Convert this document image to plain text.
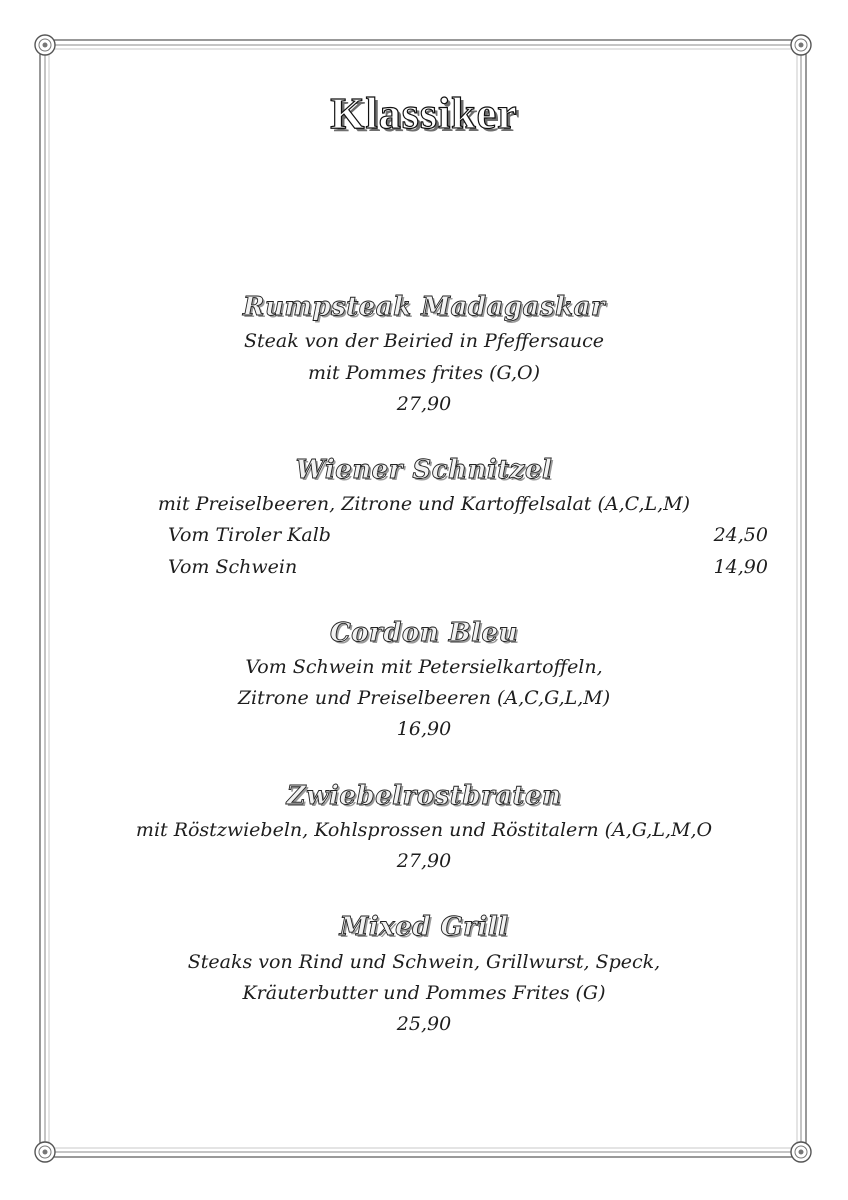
Klassiker
Rumpsteak Madagaskar
Steak von der Beiried in Pfeffersauce
mit Pommes frites (G,O)
27,90
Wiener Schnitzel
mit Preiselbeeren, Zitrone und Kartoffelsalat (A,C,L,M)
Vom Tiroler Kalb	24,50
Vom Schwein	14,90
Cordon Bleu
Vom Schwein mit Petersielkartoffeln,
Zitrone und Preiselbeeren (A,C,G,L,M)
16,90
Zwiebelrostbraten
mit Röstzwiebeln, Kohlsprossen und Röstitalern (A,G,L,M,O
27,90
Mixed Grill
Steaks von Rind und Schwein, Grillwurst, Speck,
Kräuterbutter und Pommes Frites (G)
25,90
